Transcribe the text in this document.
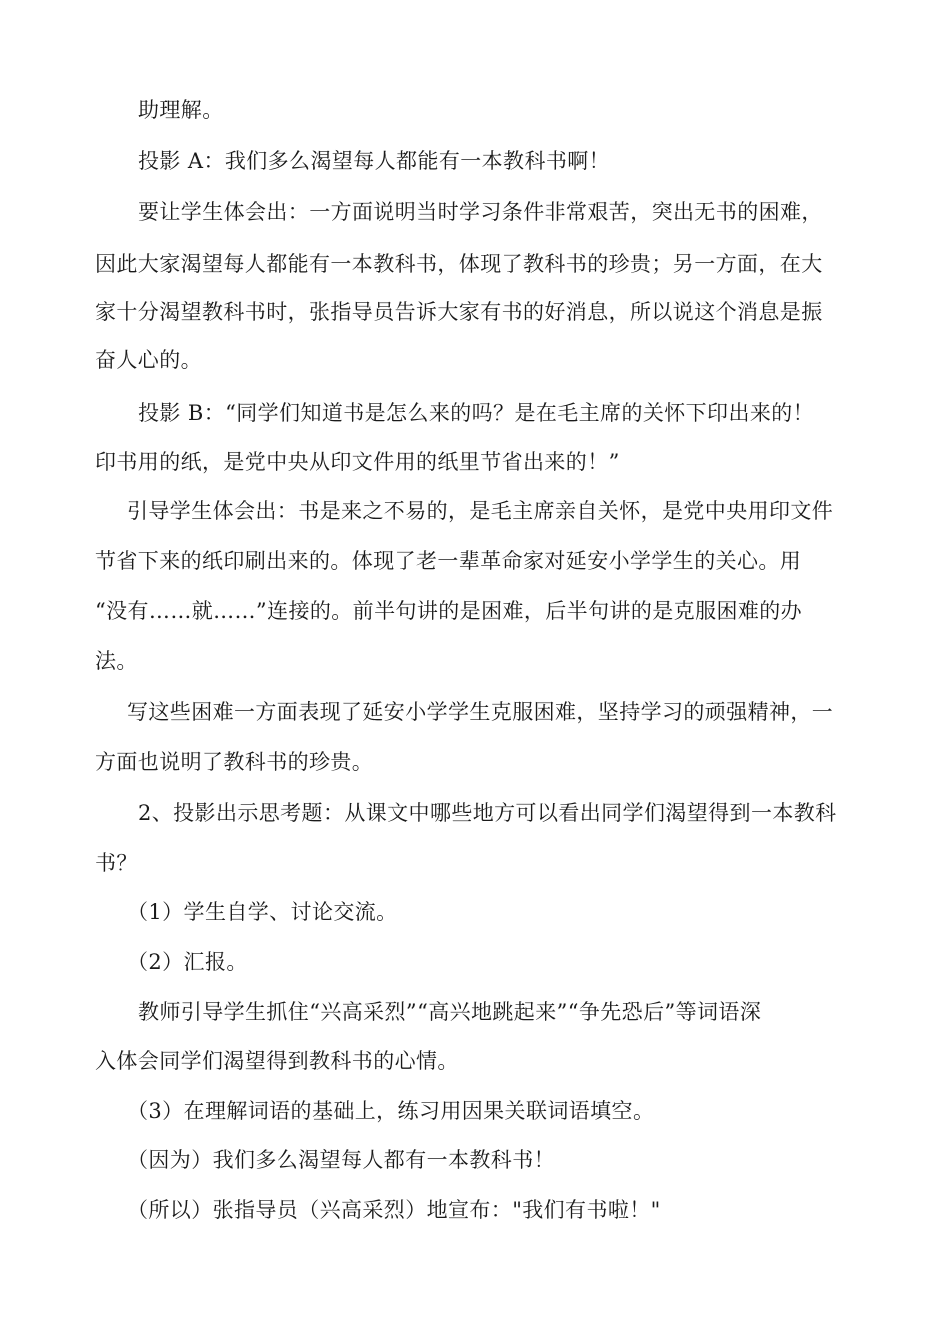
助理解。
投影 A：我们多么渴望每人都能有一本教科书啊！
要让学生体会出：一方面说明当时学习条件非常艰苦，突出无书的困难，
因此大家渴望每人都能有一本教科书，体现了教科书的珍贵；另一方面，在大
家十分渴望教科书时，张指导员告诉大家有书的好消息，所以说这个消息是振
奋人心的。
投影 B：“同学们知道书是怎么来的吗？是在毛主席的关怀下印出来的！
印书用的纸，是党中央从印文件用的纸里节省出来的！”
引导学生体会出：书是来之不易的，是毛主席亲自关怀，是党中央用印文件
节省下来的纸印刷出来的。体现了老一辈革命家对延安小学学生的关心。用
“没有……就……”连接的。前半句讲的是困难，后半句讲的是克服困难的办
法。
写这些困难一方面表现了延安小学学生克服困难，坚持学习的顽强精神，一
方面也说明了教科书的珍贵。
2、投影出示思考题：从课文中哪些地方可以看出同学们渴望得到一本教科
书？
（1）学生自学、讨论交流。
（2）汇报。
教师引导学生抓住“兴高采烈”“高兴地跳起来”“争先恐后”等词语深
入体会同学们渴望得到教科书的心情。
（3）在理解词语的基础上，练习用因果关联词语填空。
（因为）我们多么渴望每人都有一本教科书！
（所以）张指导员（兴高采烈）地宣布："我们有书啦！"
